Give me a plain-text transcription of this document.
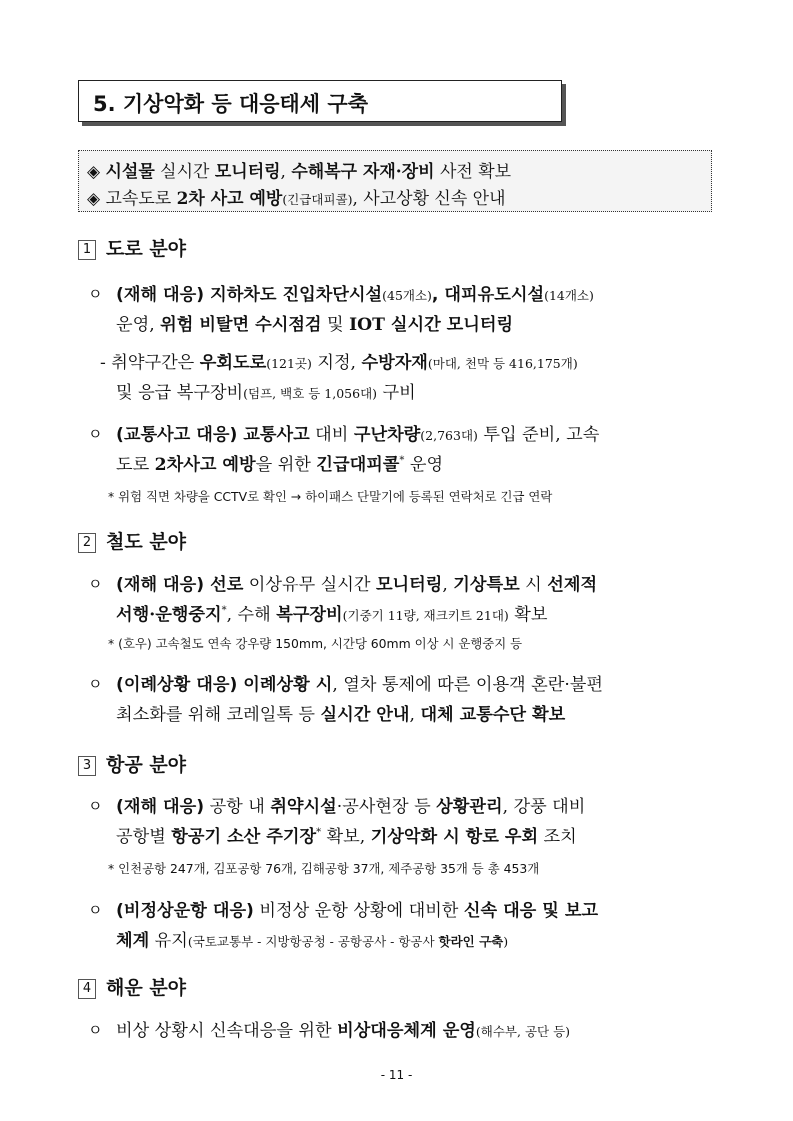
5. 기상악화 등 대응태세 구축
◈ 시설물 실시간 모니터링, 수해복구 자재·장비 사전 확보
◈ 고속도로 2차 사고 예방(긴급대피콜), 사고상황 신속 안내
1 도로 분야
ㅇ (재해 대응) 지하차도 진입차단시설(45개소), 대피유도시설(14개소)
운영, 위험 비탈면 수시점검 및 IOT 실시간 모니터링
- 취약구간은 우회도로(121곳) 지정, 수방자재(마대, 천막 등 416,175개)
및 응급 복구장비(덤프, 백호 등 1,056대) 구비
ㅇ (교통사고 대응) 교통사고 대비 구난차량(2,763대) 투입 준비, 고속
도로 2차사고 예방을 위한 긴급대피콜* 운영
* 위험 직면 차량을 CCTV로 확인 → 하이패스 단말기에 등록된 연락처로 긴급 연락
2 철도 분야
ㅇ (재해 대응) 선로 이상유무 실시간 모니터링, 기상특보 시 선제적
서행·운행중지*, 수해 복구장비(기중기 11량, 재크키트 21대) 확보
* (호우) 고속철도 연속 강우량 150mm, 시간당 60mm 이상 시 운행중지 등
ㅇ (이례상황 대응) 이례상황 시, 열차 통제에 따른 이용객 혼란·불편
최소화를 위해 코레일톡 등 실시간 안내, 대체 교통수단 확보
3 항공 분야
ㅇ (재해 대응) 공항 내 취약시설·공사현장 등 상황관리, 강풍 대비
공항별 항공기 소산 주기장* 확보, 기상악화 시 항로 우회 조치
* 인천공항 247개, 김포공항 76개, 김해공항 37개, 제주공항 35개 등 총 453개
ㅇ (비정상운항 대응) 비정상 운항 상황에 대비한 신속 대응 및 보고
체계 유지(국토교통부 - 지방항공청 - 공항공사 - 항공사 핫라인 구축)
4 해운 분야
ㅇ 비상 상황시 신속대응을 위한 비상대응체계 운영(해수부, 공단 등)
- 11 -
